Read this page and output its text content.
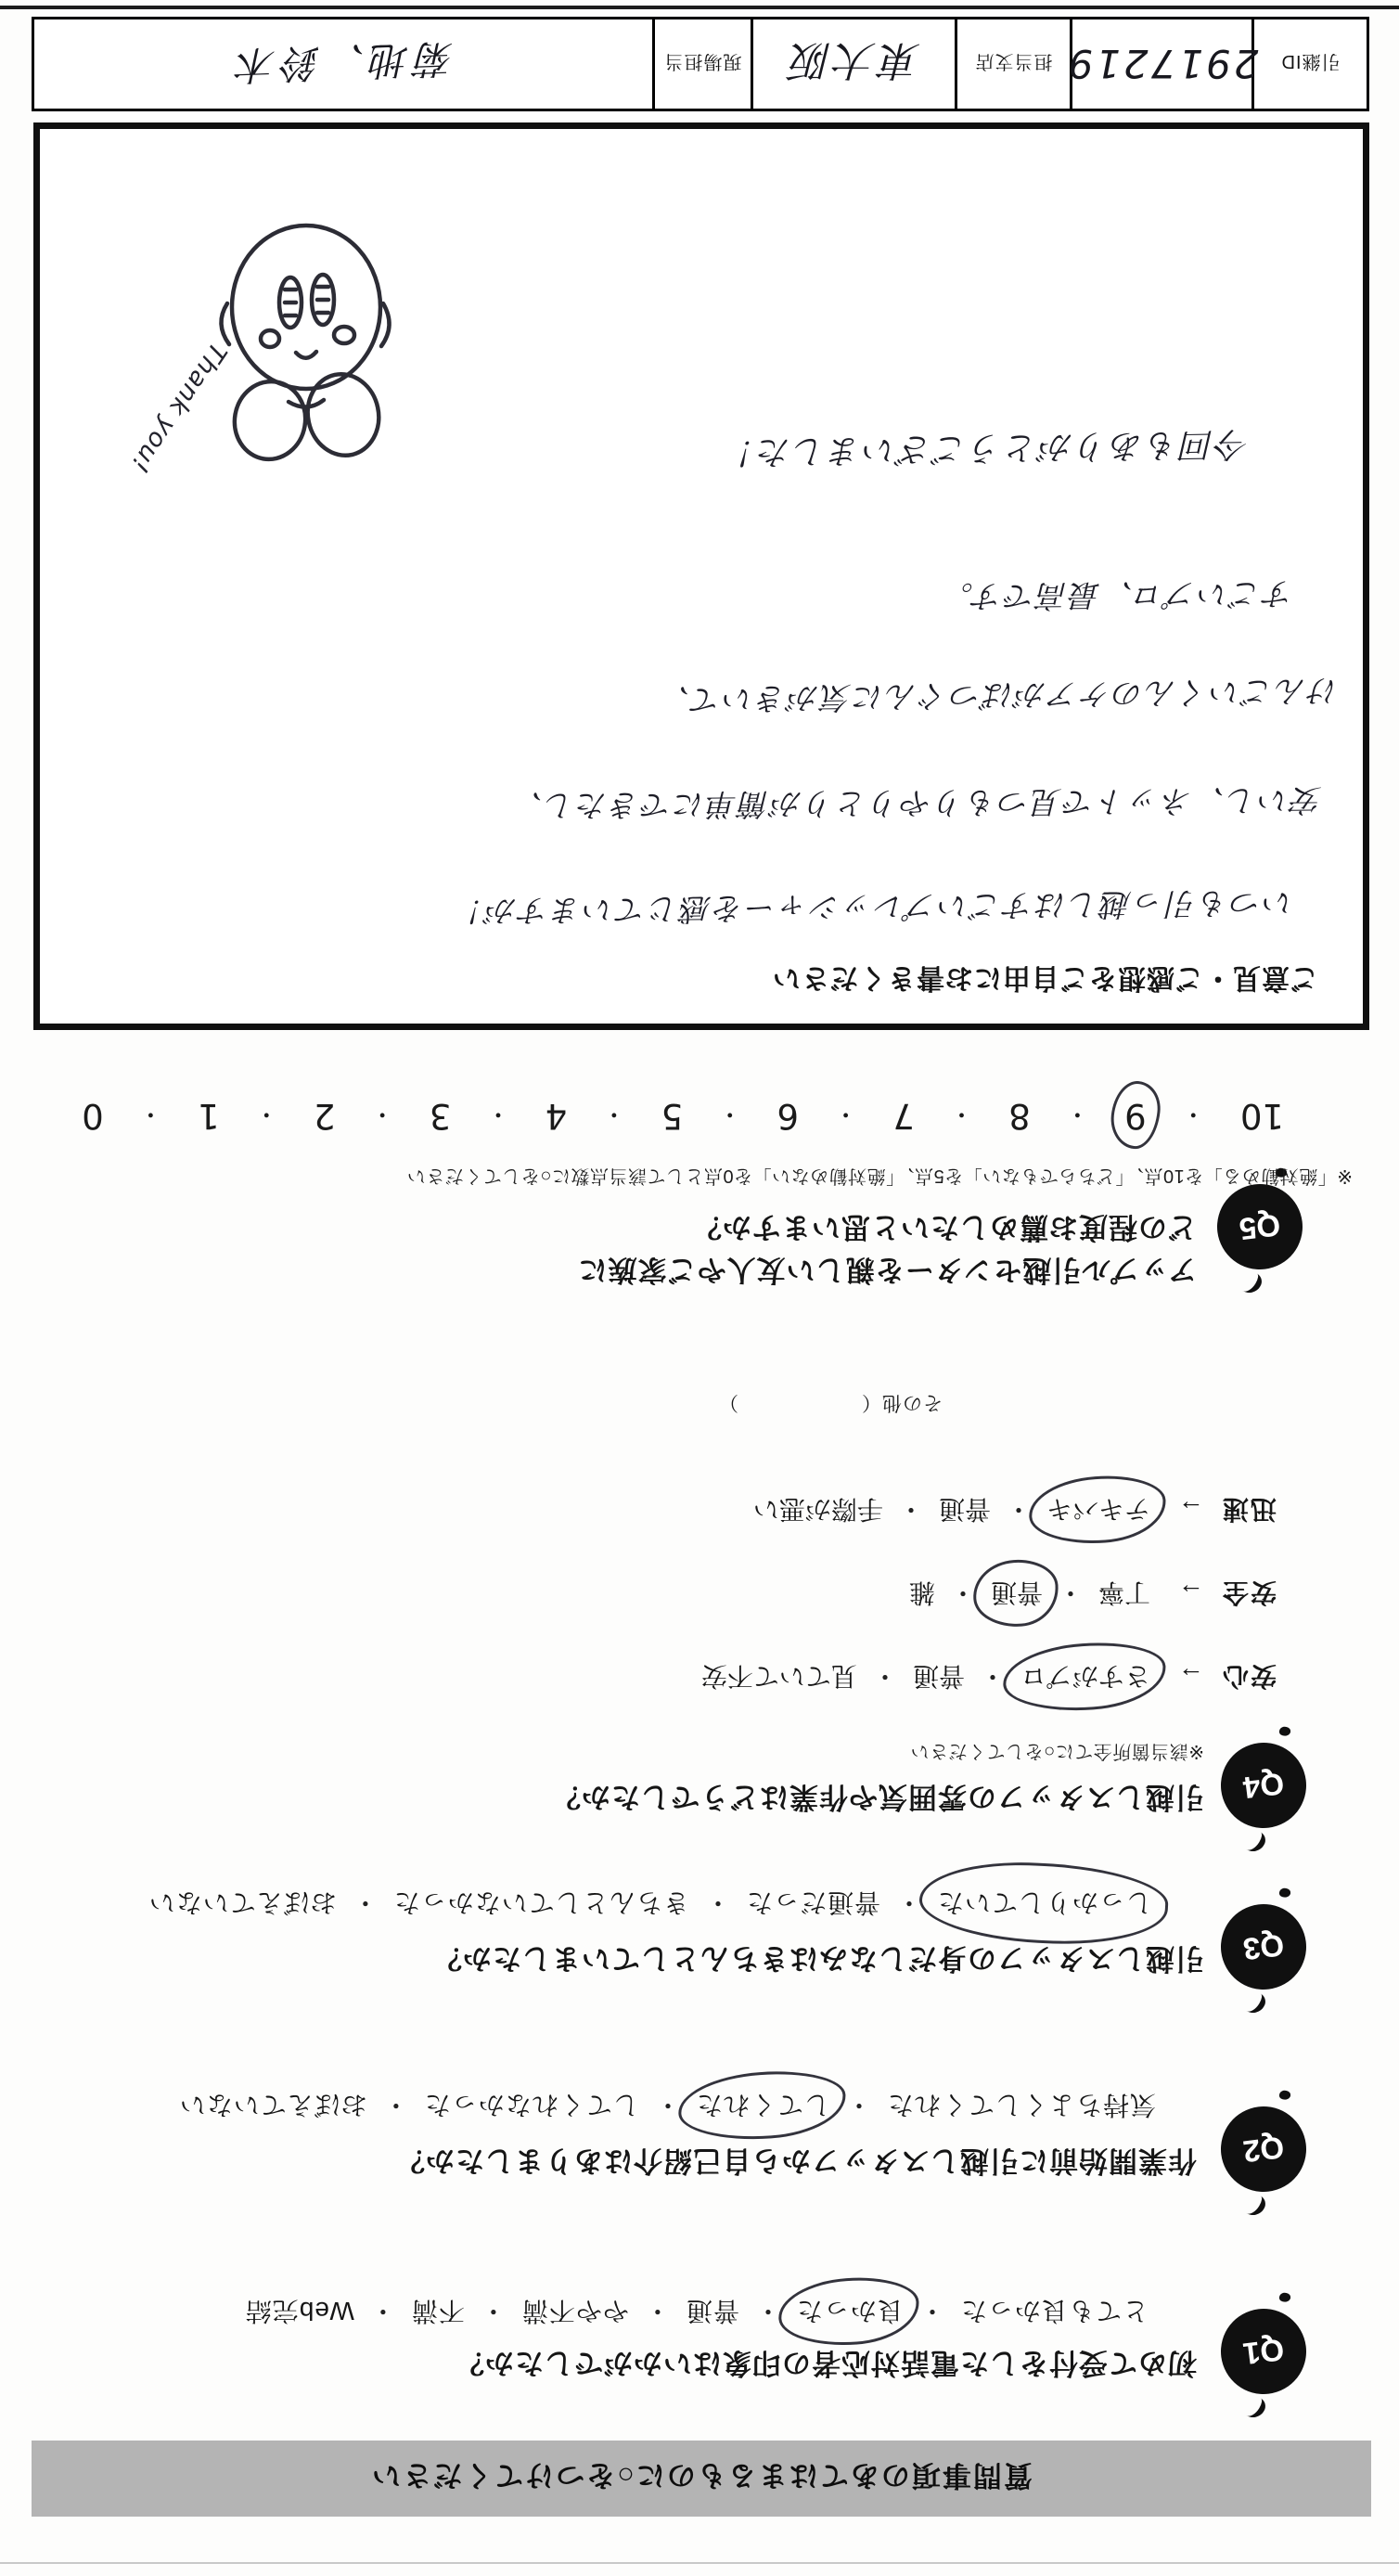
質問事項のあてはまるものに○をつけてください
Q1
初めて受付をした電話対応者の印象はいかがでしたか？
とても良かった・良かった・普通・やや不満・不満・Web完結
Q2
作業開始前に引越しスタッフから自己紹介はありましたか？
気持ちよくしてくれた・してくれた・してくれなかった・おぼえていない
Q3
引越しスタッフの身だしなみはきちんとしていましたか？
しっかりしていた・普通だった・きちんとしていなかった・おぼえていない
Q4
引越しスタッフの雰囲気や作業はどうでしたか？
※該当箇所全てに○をしてください
安心→さすがプロ・普通・見ていて不安
安全→丁寧・普通・雑
迅速→テキパキ・普通・手際が悪い
その他（　　　　　　）
Q5
アップル引越センターを親しい友人やご家族に
どの程度お薦めしたいと思いますか？
※「絶対勧める」を10点、「どちらでもない」を5点、「絶対勧めない」を0点として該当点数に○をしてください
10
・
9
・
8
・
7
・
6
・
5
・
4
・
3
・
2
・
1
・
0
ご意見・ご感想をご自由にお書きください
いつも引っ越しはすごいプレッシャーを感じていますが！
安いし、ネットで見つもりやりとりが簡単にできたし、
けんごいくんのケアがばつぐんに気がきいて、
すごいプロ、最高です。
今回もありがとうございました！
Thank you!
引継ID
2917219
担当支店
東大阪
現場担当
菊地、鈴木
